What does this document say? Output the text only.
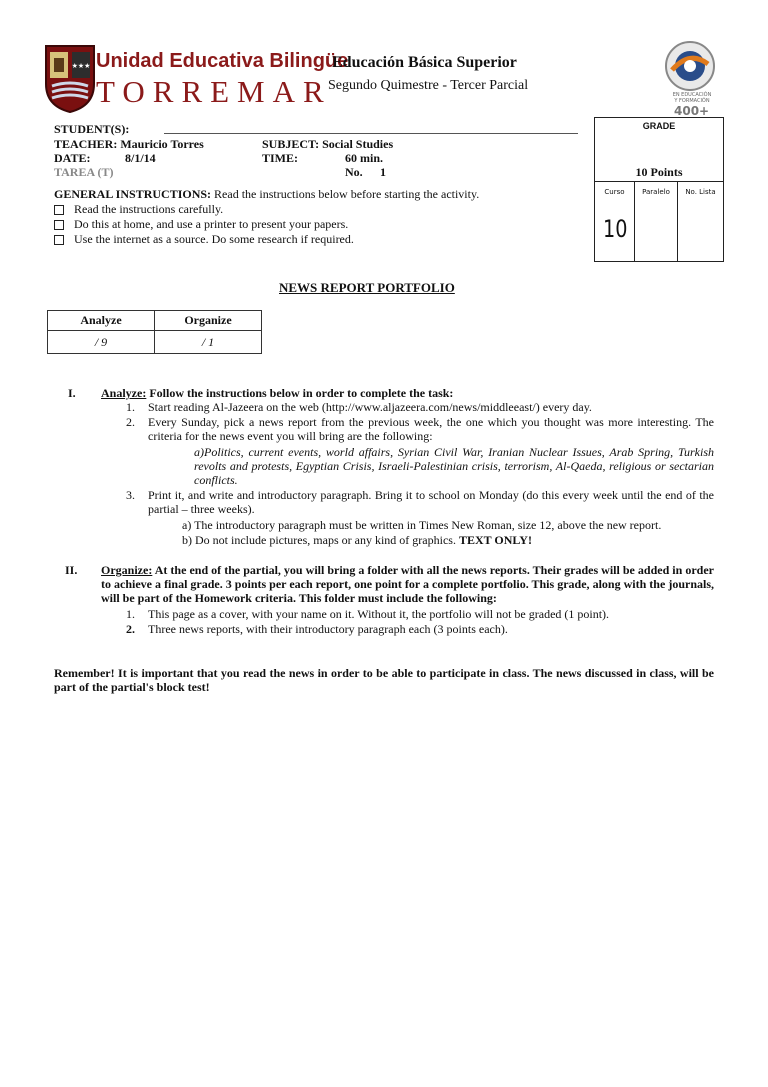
★★★ Unidad Educativa Bilingüe
TORREMAR
Educación Básica Superior
Segundo Quimestre - Tercer Parcial
EN EDUCACIÓN
Y FORMACIÓN
400+
STUDENT(S):
TEACHER: Mauricio Torres	SUBJECT: Social Studies
DATE:	8/1/14	TIME:	60 min.
TAREA (T)	No. 1
GRADE
10 Points
Curso	Paralelo	No. Lista
10
GENERAL INSTRUCTIONS: Read the instructions below before starting the activity.
Read the instructions carefully.
Do this at home, and use a printer to present your papers.
Use the internet as a source. Do some research if required.
NEWS REPORT PORTFOLIO
Analyze	Organize
/ 9	/ 1
I. Analyze: Follow the instructions below in order to complete the task:
1. Start reading Al-Jazeera on the web (http://www.aljazeera.com/news/middleeast/) every day.
2. Every Sunday, pick a news report from the previous week, the one which you thought was more interesting. The criteria for the news event you will bring are the following:
a)Politics, current events, world affairs, Syrian Civil War, Iranian Nuclear Issues, Arab Spring, Turkish revolts and protests, Egyptian Crisis, Israeli-Palestinian crisis, terrorism, Al-Qaeda, religious or sectarian conflicts.
3. Print it, and write and introductory paragraph. Bring it to school on Monday (do this every week until the end of the partial – three weeks).
a) The introductory paragraph must be written in Times New Roman, size 12, above the new report.
b) Do not include pictures, maps or any kind of graphics. TEXT ONLY!
II. Organize: At the end of the partial, you will bring a folder with all the news reports. Their grades will be added in order to achieve a final grade. 3 points per each report, one point for a complete portfolio. This grade, along with the journals, will be part of the Homework criteria. This folder must include the following:
1. This page as a cover, with your name on it. Without it, the portfolio will not be graded (1 point).
2. Three news reports, with their introductory paragraph each (3 points each).
Remember! It is important that you read the news in order to be able to participate in class. The news discussed in class, will be part of the partial's block test!
